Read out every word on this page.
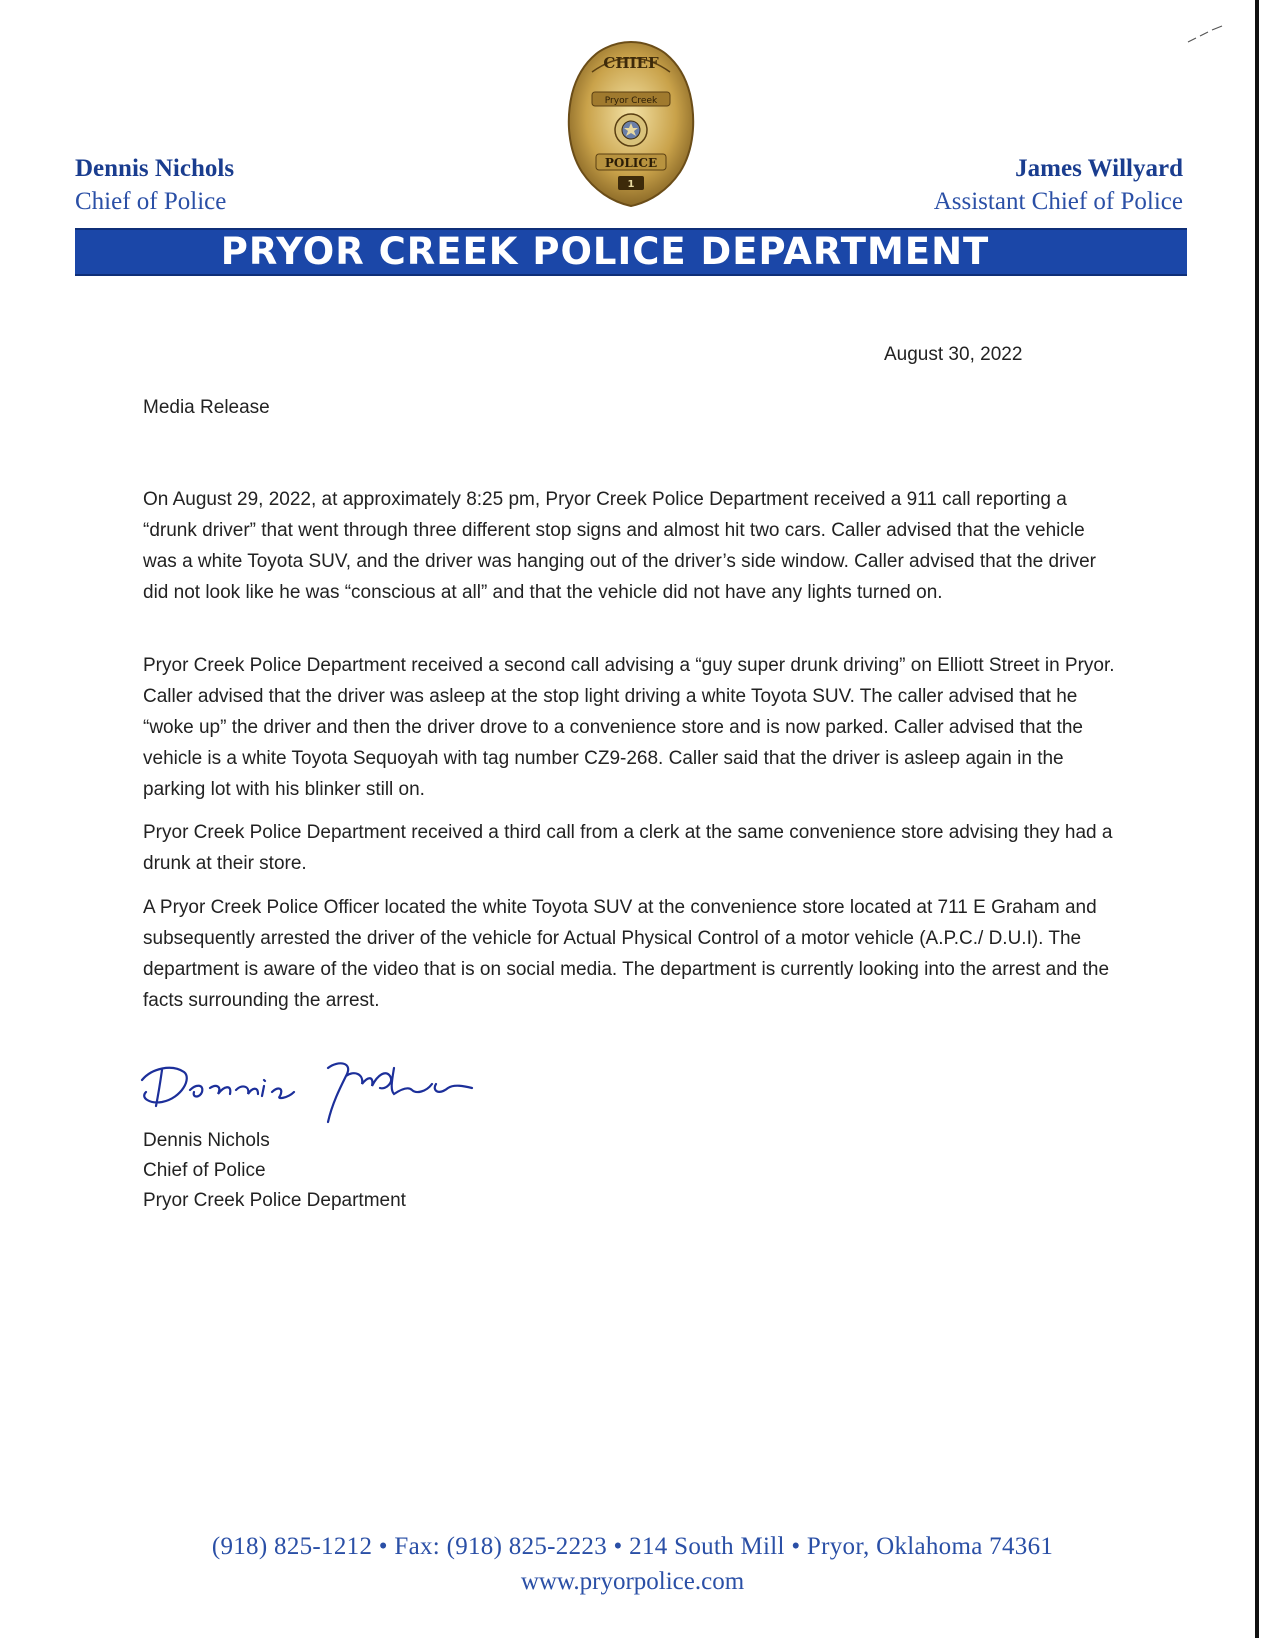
Dennis Nichols
Chief of Police
James Willyard
Assistant Chief of Police
CHIEF
Pryor Creek
POLICE
1
PRYOR CREEK POLICE DEPARTMENT
August 30, 2022
Media Release
On August 29, 2022, at approximately 8:25 pm, Pryor Creek Police Department received a 911 call reporting a “drunk driver” that went through three different stop signs and almost hit two cars. Caller advised that the vehicle was a white Toyota SUV, and the driver was hanging out of the driver’s side window. Caller advised that the driver did not look like he was “conscious at all” and that the vehicle did not have any lights turned on.
Pryor Creek Police Department received a second call advising a “guy super drunk driving” on Elliott Street in Pryor. Caller advised that the driver was asleep at the stop light driving a white Toyota SUV. The caller advised that he “woke up” the driver and then the driver drove to a convenience store and is now parked. Caller advised that the vehicle is a white Toyota Sequoyah with tag number CZ9-268. Caller said that the driver is asleep again in the parking lot with his blinker still on.
Pryor Creek Police Department received a third call from a clerk at the same convenience store advising they had a drunk at their store.
A Pryor Creek Police Officer located the white Toyota SUV at the convenience store located at 711 E Graham and subsequently arrested the driver of the vehicle for Actual Physical Control of a motor vehicle (A.P.C./ D.U.I). The department is aware of the video that is on social media. The department is currently looking into the arrest and the facts surrounding the arrest.
Dennis Nichols
Chief of Police
Pryor Creek Police Department
(918) 825-1212 • Fax: (918) 825-2223 • 214 South Mill • Pryor, Oklahoma 74361
www.pryorpolice.com
